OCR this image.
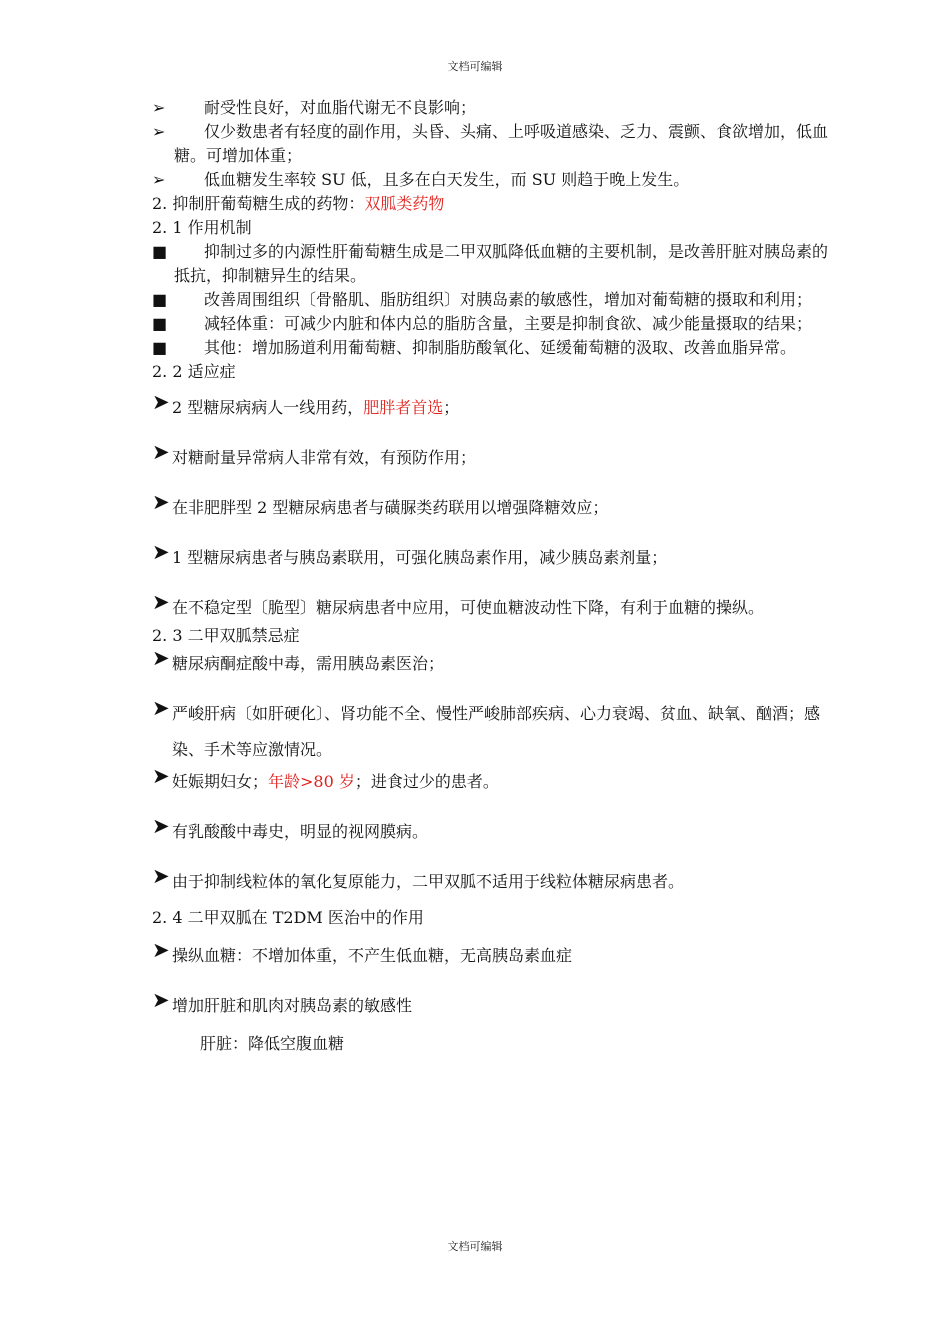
文档可编辑
➢	耐受性良好，对血脂代谢无不良影响；
➢	仅少数患者有轻度的副作用，头昏、头痛、上呼吸道感染、乏力、震颤、食欲增加，低血糖。可增加体重；
➢	低血糖发生率较 SU 低，且多在白天发生，而 SU 则趋于晚上发生。
2. 抑制肝葡萄糖生成的药物：双胍类药物
2. 1 作用机制
■	抑制过多的内源性肝葡萄糖生成是二甲双胍降低血糖的主要机制，是改善肝脏对胰岛素的抵抗，抑制糖异生的结果。
■	改善周围组织〔骨骼肌、脂肪组织〕对胰岛素的敏感性，增加对葡萄糖的摄取和利用；
■	减轻体重：可减少内脏和体内总的脂肪含量，主要是抑制食欲、减少能量摄取的结果；
■	其他：增加肠道利用葡萄糖、抑制脂肪酸氧化、延缓葡萄糖的汲取、改善血脂异常。
2. 2 适应症
➤ 2 型糖尿病病人一线用药，肥胖者首选；
➤ 对糖耐量异常病人非常有效，有预防作用；
➤ 在非肥胖型 2 型糖尿病患者与磺脲类药联用以增强降糖效应；
➤ 1 型糖尿病患者与胰岛素联用，可强化胰岛素作用，减少胰岛素剂量；
➤ 在不稳定型〔脆型〕糖尿病患者中应用，可使血糖波动性下降，有利于血糖的操纵。
2. 3 二甲双胍禁忌症
➤ 糖尿病酮症酸中毒，需用胰岛素医治；
➤ 严峻肝病〔如肝硬化〕、肾功能不全、慢性严峻肺部疾病、心力衰竭、贫血、缺氧、酗酒；感染、手术等应激情况。
➤ 妊娠期妇女；年龄>80 岁；进食过少的患者。
➤ 有乳酸酸中毒史，明显的视网膜病。
➤ 由于抑制线粒体的氧化复原能力，二甲双胍不适用于线粒体糖尿病患者。
2. 4 二甲双胍在 T2DM 医治中的作用
➤ 操纵血糖：不增加体重，不产生低血糖，无高胰岛素血症
➤ 增加肝脏和肌肉对胰岛素的敏感性
肝脏：降低空腹血糖
文档可编辑
